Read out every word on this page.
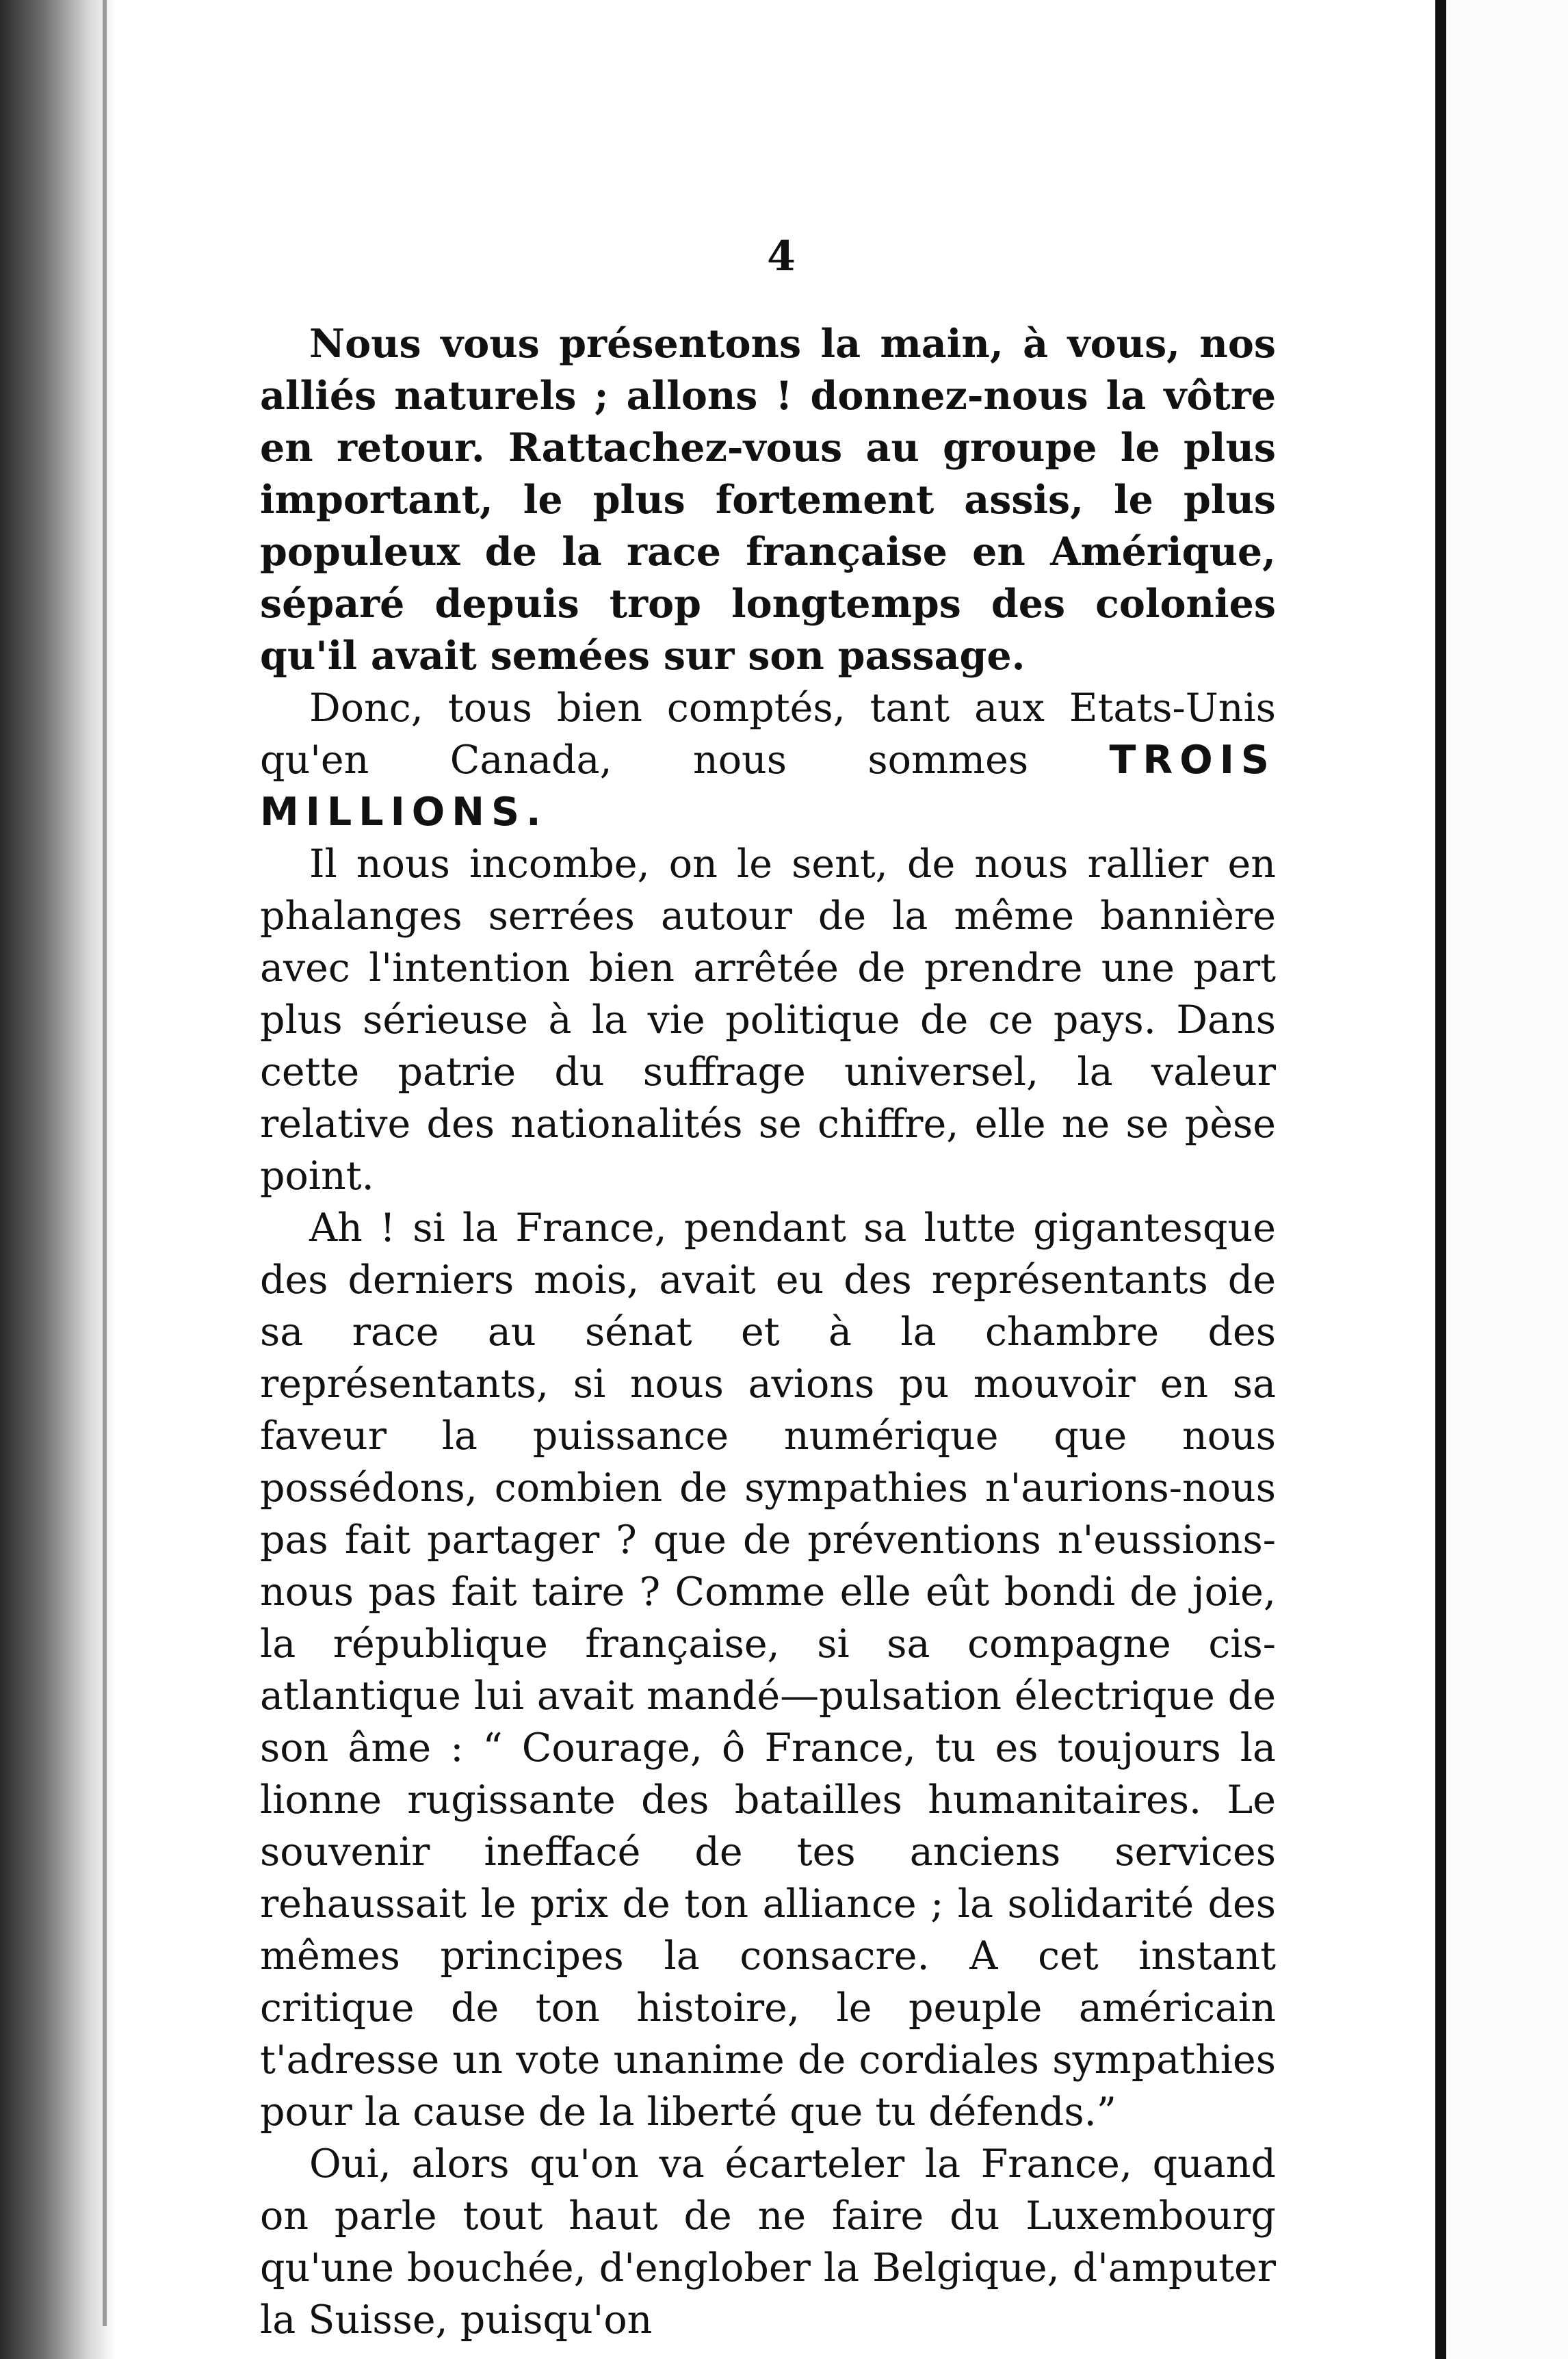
4

Nous vous présentons la main, à vous, nos alliés naturels ; allons ! donnez-nous la vôtre en retour. Rattachez-vous au groupe le plus important, le plus fortement assis, le plus populeux de la race française en Amérique, séparé depuis trop longtemps des colonies qu'il avait semées sur son passage.

Donc, tous bien comptés, tant aux Etats-Unis qu'en Canada, nous sommes TROIS MILLIONS.

Il nous incombe, on le sent, de nous rallier en phalanges serrées autour de la même bannière avec l'intention bien arrêtée de prendre une part plus sérieuse à la vie politique de ce pays. Dans cette patrie du suffrage universel, la valeur relative des nationalités se chiffre, elle ne se pèse point.

Ah ! si la France, pendant sa lutte gigantesque des derniers mois, avait eu des représentants de sa race au sénat et à la chambre des représentants, si nous avions pu mouvoir en sa faveur la puissance numérique que nous possédons, combien de sympathies n'aurions-nous pas fait partager ? que de préventions n'eussions-nous pas fait taire ? Comme elle eût bondi de joie, la république française, si sa compagne cis-atlantique lui avait mandé—pulsation électrique de son âme : “ Courage, ô France, tu es toujours la lionne rugissante des batailles humanitaires. Le souvenir ineffacé de tes anciens services rehaussait le prix de ton alliance ; la solidarité des mêmes principes la consacre. A cet instant critique de ton histoire, le peuple américain t'adresse un vote unanime de cordiales sympathies pour la cause de la liberté que tu défends.”

Oui, alors qu'on va écarteler la France, quand on parle tout haut de ne faire du Luxembourg qu'une bouchée, d'englober la Belgique, d'amputer la Suisse, puisqu'on
